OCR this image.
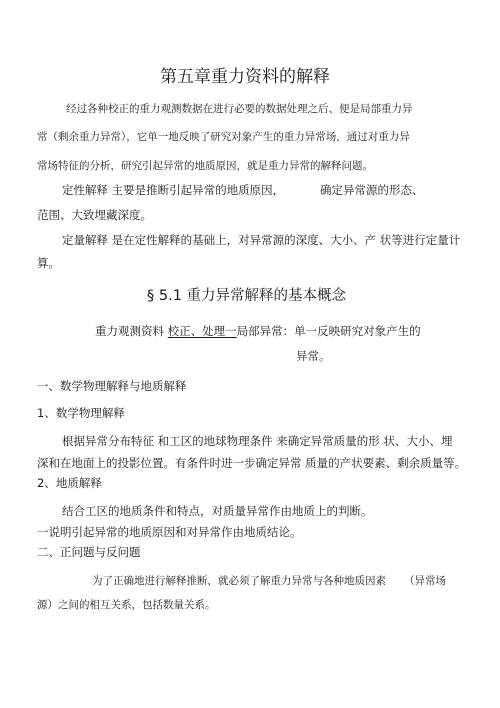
第五章重力资料的解释
经过各种校正的重力观测数据在进行必要的数据处理之后、便是局部重力异
常（剩余重力异常），它单一地反映了研究对象产生的重力异常场，通过对重力异
常场特征的分析，研究引起异常的地质原因，就是重力异常的解释问题。
定性解释 主要是推断引起异常的地质原因，	确定异常源的形态、
范围、大致埋藏深度。
定量解释 是在定性解释的基础上，对异常源的深度、大小、产 状等进行定量计
算。
§ 5.1 重力异常解释的基本概念
重力观测资料 校正、处理一局部异常：单一反映研究对象产生的
异常。
一、数学物理解释与地质解释
1、数学物理解释
根据异常分布特征 和工区的地球物理条件 来确定异常质量的形 状、大小、埋
深和在地面上的投影位置。有条件时进一步确定异常 质量的产状要素、剩余质量等。
2、地质解释
结合工区的地质条件和特点，对质量异常作由地质上的判断。
一说明引起异常的地质原因和对异常作由地质结论。
二、正问题与反问题
为了正确地进行解释推断，就必须了解重力异常与各种地质因素 （异常场
源）之间的相互关系，包括数量关系。
